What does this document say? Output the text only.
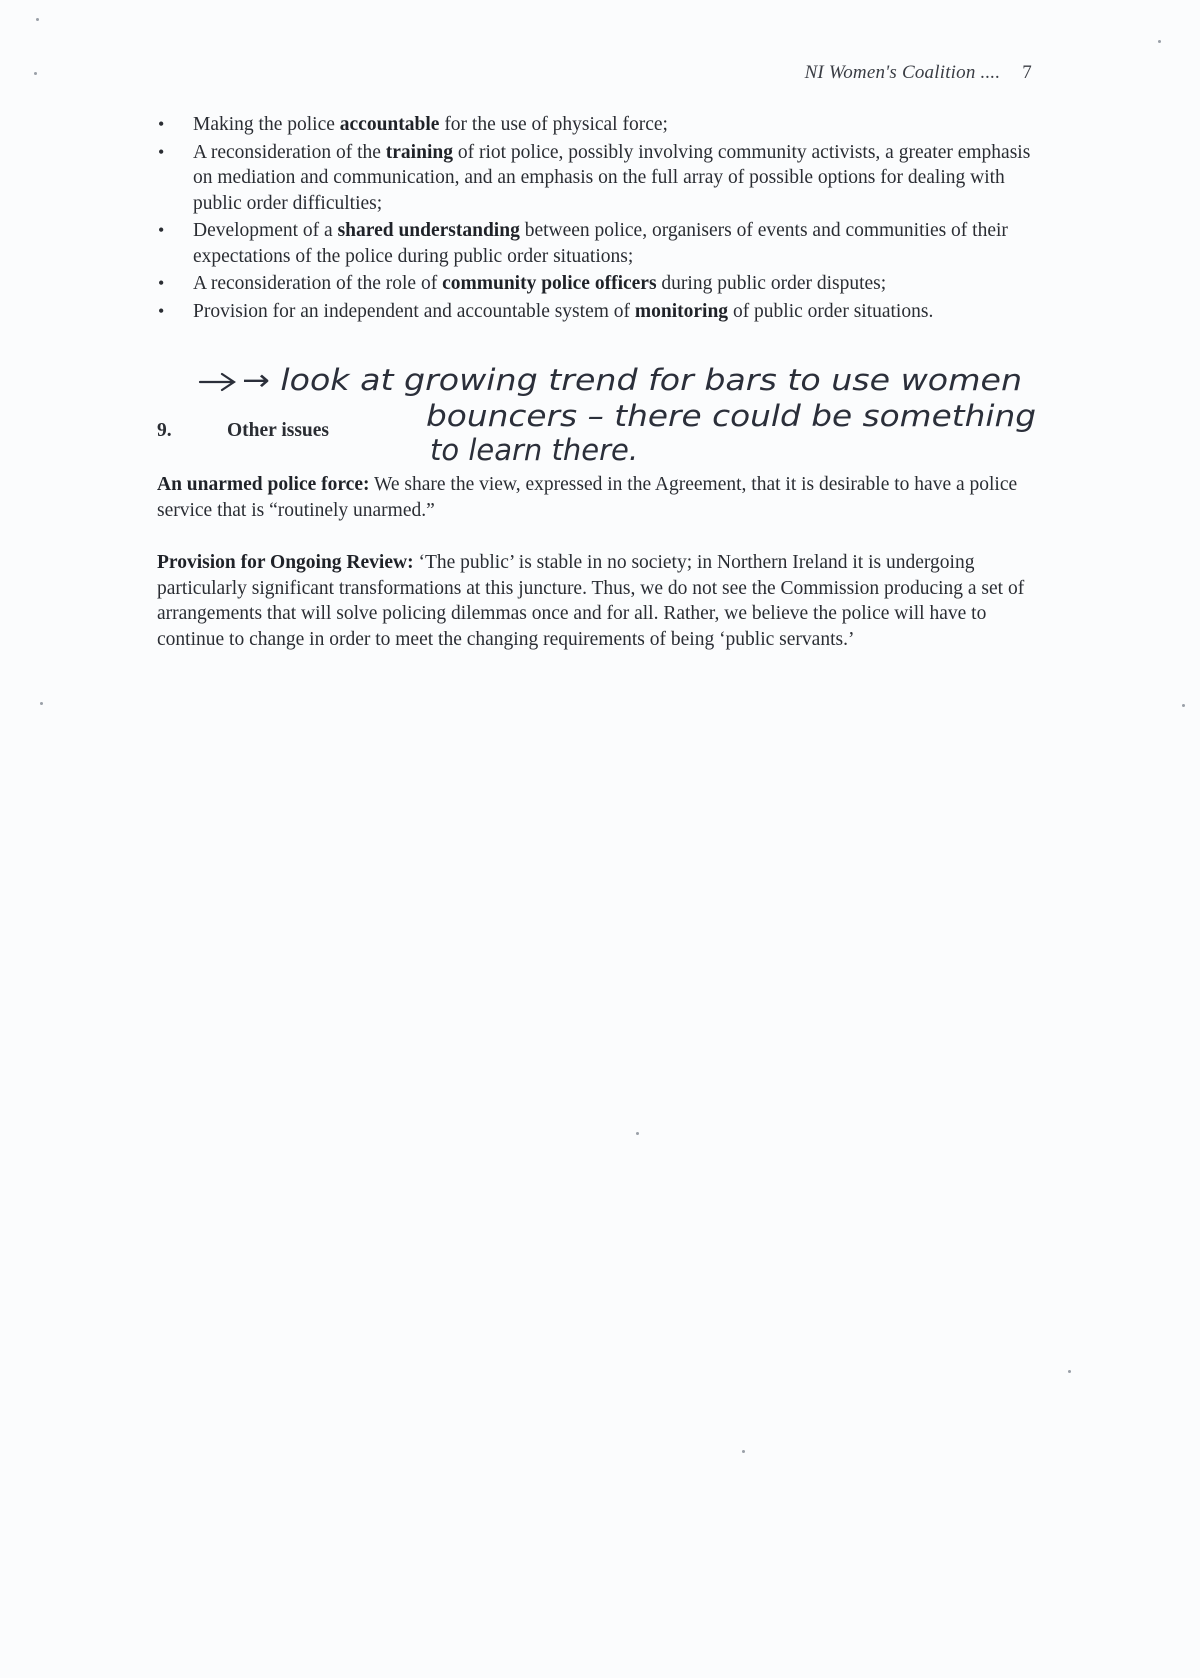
NI Women's Coalition .... 7
• Making the police accountable for the use of physical force;
• A reconsideration of the training of riot police, possibly involving community activists, a greater emphasis on mediation and communication, and an emphasis on the full array of possible options for dealing with public order difficulties;
• Development of a shared understanding between police, organisers of events and communities of their expectations of the police during public order situations;
• A reconsideration of the role of community police officers during public order disputes;
• Provision for an independent and accountable system of monitoring of public order situations.
→ look at growing trend for bars to use women
bouncers – there could be something
to learn there.
9.	Other issues

An unarmed police force: We share the view, expressed in the Agreement, that it is desirable to have a police service that is “routinely unarmed.”

Provision for Ongoing Review: ‘The public’ is stable in no society; in Northern Ireland it is undergoing particularly significant transformations at this juncture. Thus, we do not see the Commission producing a set of arrangements that will solve policing dilemmas once and for all. Rather, we believe the police will have to continue to change in order to meet the changing requirements of being ‘public servants.’
